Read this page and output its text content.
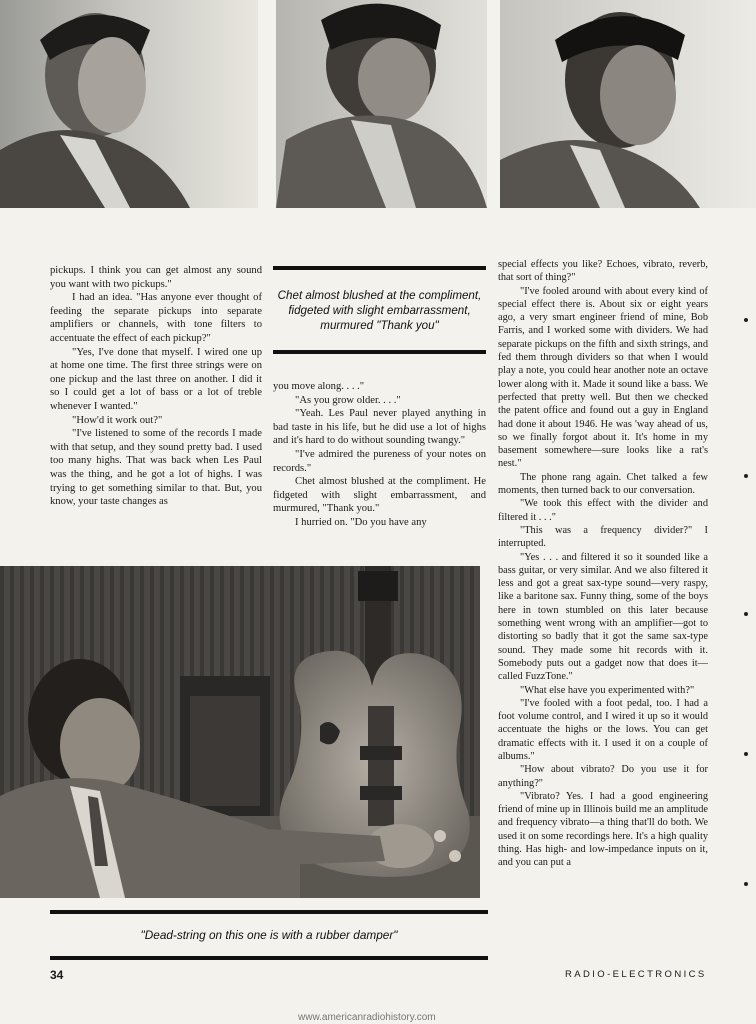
pickups. I think you can get almost any sound you want with two pickups."

I had an idea. "Has anyone ever thought of feeding the separate pickups into separate amplifiers or channels, with tone filters to accentuate the effect of each pickup?"

"Yes, I've done that myself. I wired one up at home one time. The first three strings were on one pickup and the last three on another. I did it so I could get a lot of bass or a lot of treble whenever I wanted."

"How'd it work out?"

"I've listened to some of the records I made with that setup, and they sound pretty bad. I used too many highs. That was back when Les Paul was the thing, and he got a lot of highs. I was trying to get something similar to that. But, you know, your taste changes as

Chet almost blushed at the compliment, fidgeted with slight embarrassment, murmured "Thank you"

you move along. . . ."

"As you grow older. . . ."

"Yeah. Les Paul never played anything in bad taste in his life, but he did use a lot of highs and it's hard to do without sounding twangy."

"I've admired the pureness of your notes on records."

Chet almost blushed at the compliment. He fidgeted with slight embarrassment, and murmured, "Thank you."

I hurried on. "Do you have any

special effects you like? Echoes, vibrato, reverb, that sort of thing?"

"I've fooled around with about every kind of special effect there is. About six or eight years ago, a very smart engineer friend of mine, Bob Farris, and I worked some with dividers. We had separate pickups on the fifth and sixth strings, and fed them through dividers so that when I would play a note, you could hear another note an octave lower along with it. Made it sound like a bass. We perfected that pretty well. But then we checked the patent office and found out a guy in England had done it about 1946. He was 'way ahead of us, so we finally forgot about it. It's home in my basement somewhere—sure looks like a rat's nest."

The phone rang again. Chet talked a few moments, then turned back to our conversation.

"We took this effect with the divider and filtered it . . ."

"This was a frequency divider?" I interrupted.

"Yes . . . and filtered it so it sounded like a bass guitar, or very similar. And we also filtered it less and got a great sax-type sound—very raspy, like a baritone sax. Funny thing, some of the boys here in town stumbled on this later because something went wrong with an amplifier—got to distorting so badly that it got the same sax-type sound. They made some hit records with it. Somebody puts out a gadget now that does it—called FuzzTone."

"What else have you experimented with?"

"I've fooled with a foot pedal, too. I had a foot volume control, and I wired it up so it would accentuate the highs or the lows. You can get dramatic effects with it. I used it on a couple of albums."

"How about vibrato? Do you use it for anything?"

"Vibrato? Yes. I had a good engineering friend of mine up in Illinois build me an amplitude and frequency vibrato—a thing that'll do both. We used it on some recordings here. It's a high quality thing. Has high- and low-impedance inputs on it, and you can put a

"Dead-string on this one is with a rubber damper"
34	RADIO-ELECTRONICS
www.americanradiohistory.com
